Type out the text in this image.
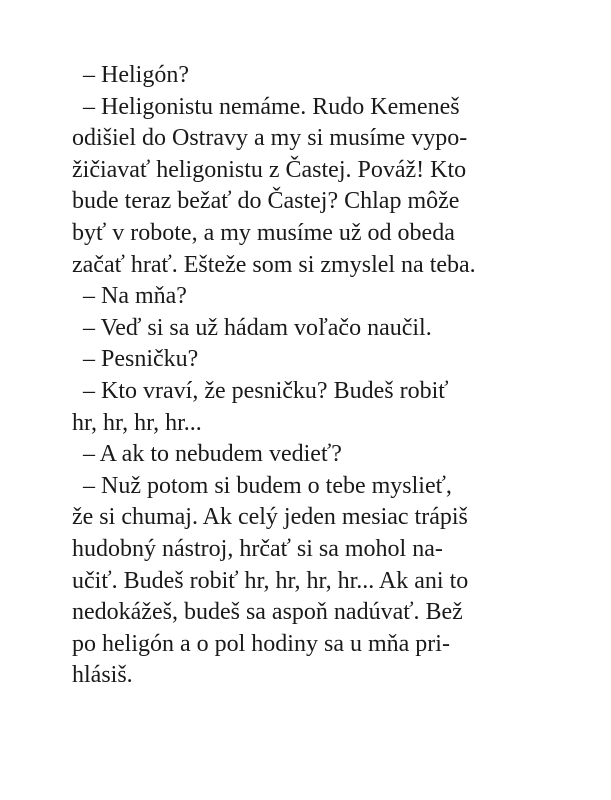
– Heligón?
– Heligonistu nemáme. Rudo Kemeneš
odišiel do Ostravy a my si musíme vypo-
žičiavať heligonistu z Častej. Pováž! Kto
bude teraz bežať do Častej? Chlap môže
byť v robote, a my musíme už od obeda
začať hrať. Ešteže som si zmyslel na teba.
– Na mňa?
– Veď si sa už hádam voľačo naučil.
– Pesničku?
– Kto vraví, že pesničku? Budeš robiť
hr, hr, hr, hr...
– A ak to nebudem vedieť?
– Nuž potom si budem o tebe myslieť,
že si chumaj. Ak celý jeden mesiac trápiš
hudobný nástroj, hrčať si sa mohol na-
učiť. Budeš robiť hr, hr, hr, hr... Ak ani to
nedokážeš, budeš sa aspoň nadúvať. Bež
po heligón a o pol hodiny sa u mňa pri-
hlásiš.
